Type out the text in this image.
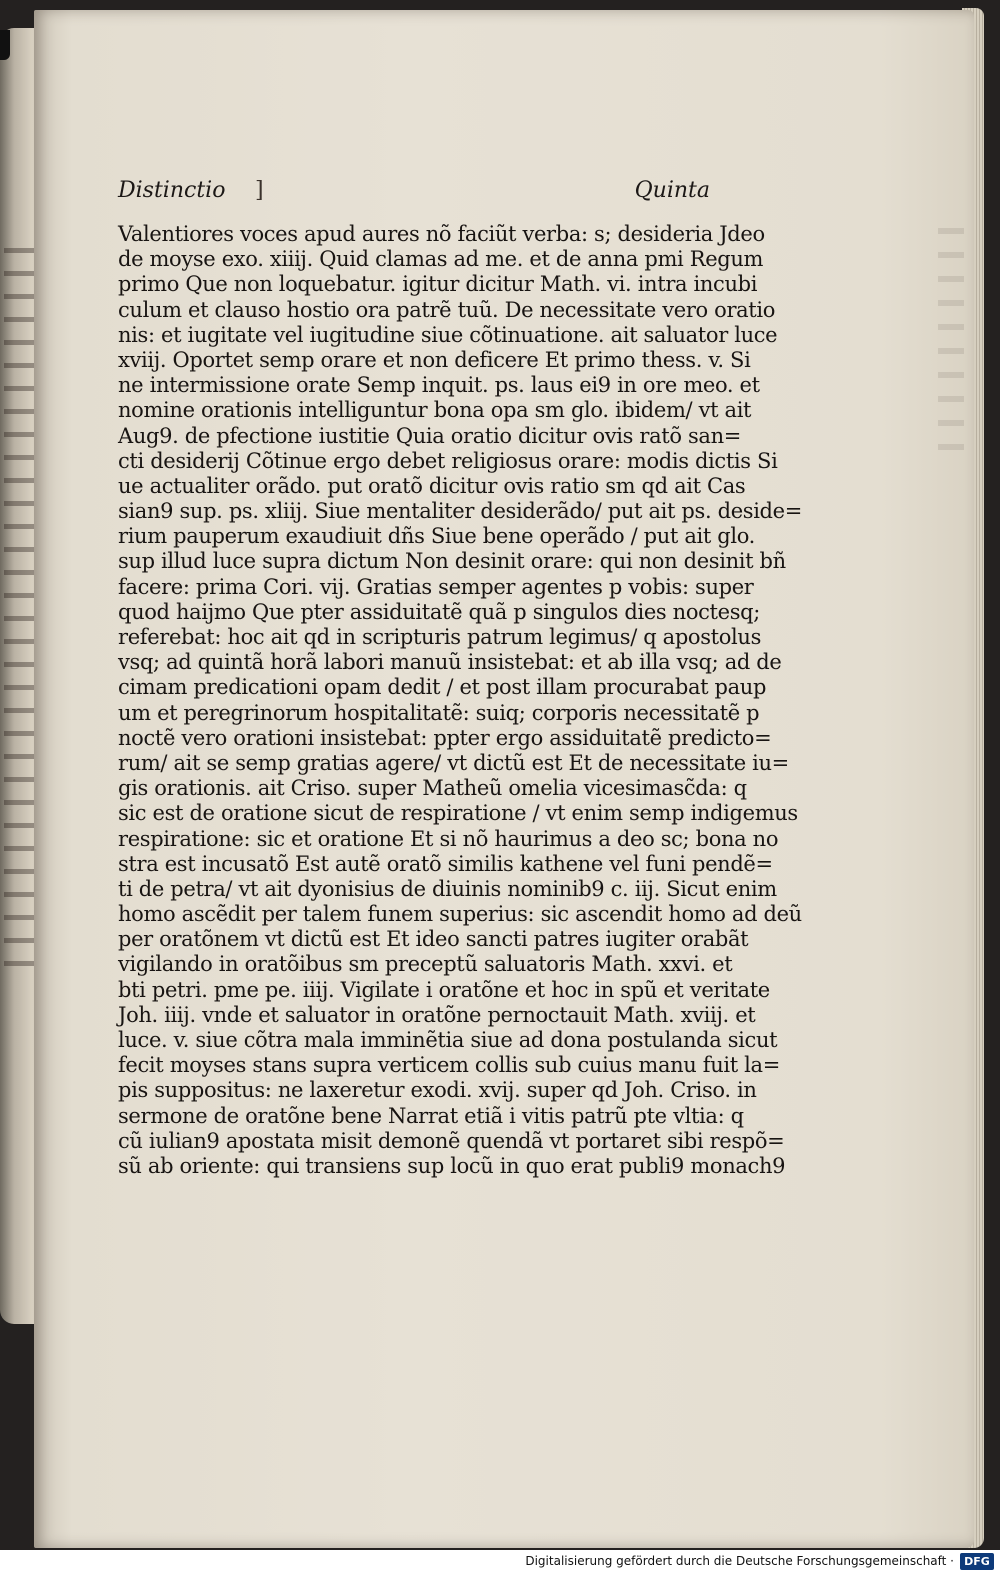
Distinctio ]	Quinta
Valentiores voces apud aures nõ faciũt verba: s; desideria Jdeo
de moyse exo. xiiij. Quid clamas ad me. et de anna pmi Regum
primo Que non loquebatur. igitur dicitur Math. vi. intra incubi
culum et clauso hostio ora patrẽ tuũ. De necessitate vero oratio
nis: et iugitate vel iugitudine siue cõtinuatione. ait saluator luce
xviij. Oportet semp orare et non deficere Et primo thess. v. Si
ne intermissione orate Semp inquit. ps. laus ei9 in ore meo. et
nomine orationis intelliguntur bona opa sm glo. ibidem/ vt ait
Aug9. de pfectione iustitie Quia oratio dicitur ovis ratõ san=
cti desiderij Cõtinue ergo debet religiosus orare: modis dictis Si
ue actualiter orãdo. put oratõ dicitur ovis ratio sm qd ait Cas
sian9 sup. ps. xliij. Siue mentaliter desiderãdo/ put ait ps. deside=
rium pauperum exaudiuit dñs Siue bene operãdo / put ait glo.
sup illud luce supra dictum Non desinit orare: qui non desinit bñ
facere: prima Cori. vij. Gratias semper agentes p vobis: super
quod haijmo Que pter assiduitatẽ quã p singulos dies noctesq;
referebat: hoc ait qd in scripturis patrum legimus/ q apostolus
vsq; ad quintã horã labori manuũ insistebat: et ab illa vsq; ad de
cimam predicationi opam dedit / et post illam procurabat paup
um et peregrinorum hospitalitatẽ: suiq; corporis necessitatẽ p
noctẽ vero orationi insistebat: ppter ergo assiduitatẽ predicto=
rum/ ait se semp gratias agere/ vt dictũ est Et de necessitate iu=
gis orationis. ait Criso. super Matheũ omelia vicesimasc̃da: q
sic est de oratione sicut de respiratione / vt enim semp indigemus
respiratione: sic et oratione Et si nõ haurimus a deo sc; bona no
stra est incusatõ Est autẽ oratõ similis kathene vel funi pendẽ=
ti de petra/ vt ait dyonisius de diuinis nominib9 c. iij. Sicut enim
homo ascẽdit per talem funem superius: sic ascendit homo ad deũ
per oratõnem vt dictũ est Et ideo sancti patres iugiter orabãt
vigilando in oratõibus sm preceptũ saluatoris Math. xxvi. et
bti petri. pme pe. iiij. Vigilate i oratõne et hoc in spũ et veritate
Joh. iiij. vnde et saluator in oratõne pernoctauit Math. xviij. et
luce. v. siue cõtra mala imminẽtia siue ad dona postulanda sicut
fecit moyses stans supra verticem collis sub cuius manu fuit la=
pis suppositus: ne laxeretur exodi. xvij. super qd Joh. Criso. in
sermone de oratõne bene Narrat etiã i vitis patrũ pte vltia: q
cũ iulian9 apostata misit demonẽ quendã vt portaret sibi respõ=
sũ ab oriente: qui transiens sup locũ in quo erat publi9 monach9
Digitalisierung gefördert durch die Deutsche Forschungsgemeinschaft · DFG
